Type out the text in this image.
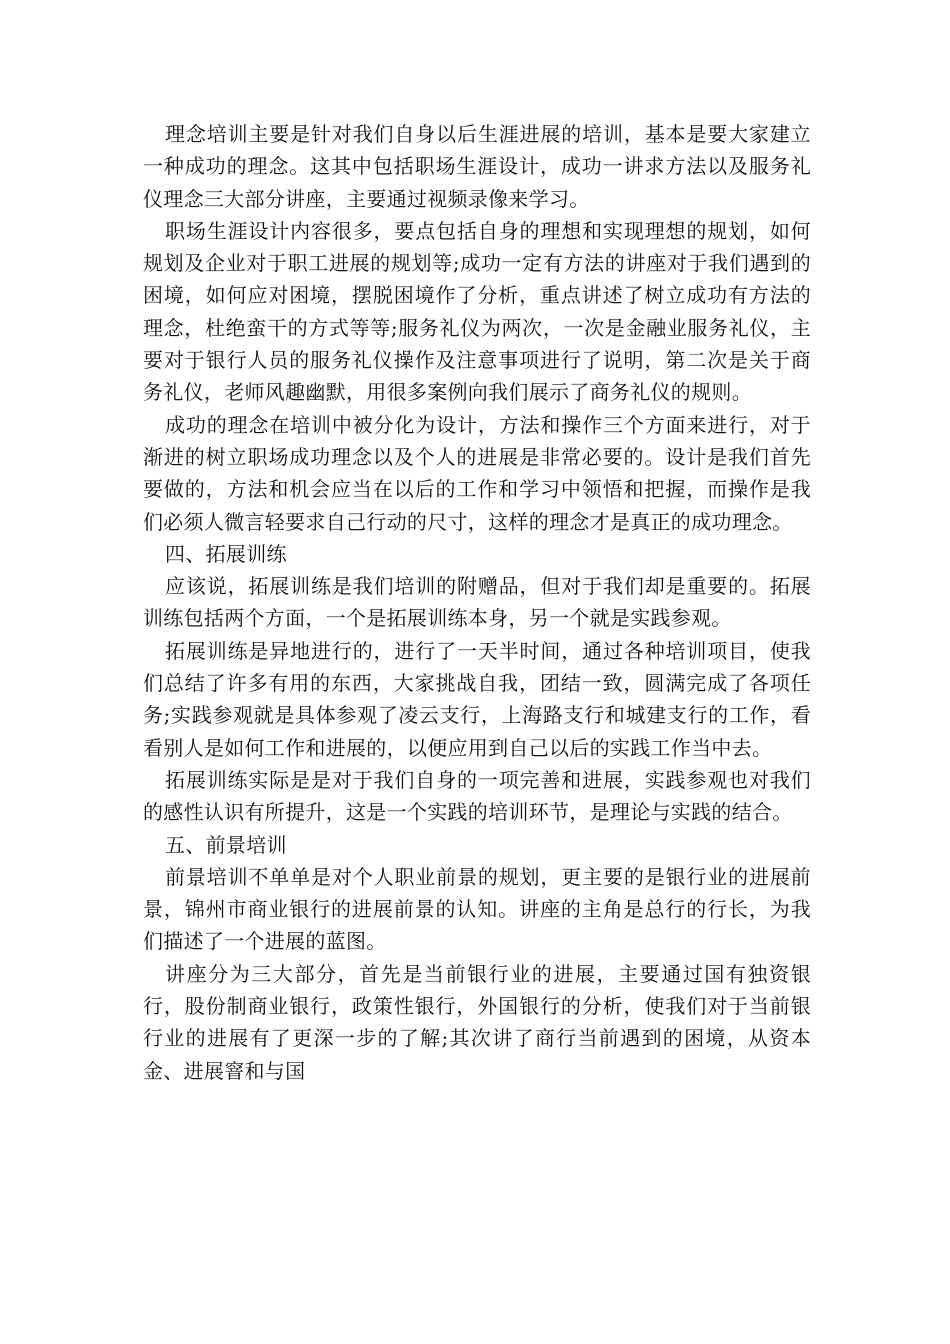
理念培训主要是针对我们自身以后生涯进展的培训，基本是要大家建立一种成功的理念。这其中包括职场生涯设计，成功一讲求方法以及服务礼仪理念三大部分讲座，主要通过视频录像来学习。

职场生涯设计内容很多，要点包括自身的理想和实现理想的规划，如何规划及企业对于职工进展的规划等;成功一定有方法的讲座对于我们遇到的困境，如何应对困境，摆脱困境作了分析，重点讲述了树立成功有方法的理念，杜绝蛮干的方式等等;服务礼仪为两次，一次是金融业服务礼仪，主要对于银行人员的服务礼仪操作及注意事项进行了说明，第二次是关于商务礼仪，老师风趣幽默，用很多案例向我们展示了商务礼仪的规则。

成功的理念在培训中被分化为设计，方法和操作三个方面来进行，对于渐进的树立职场成功理念以及个人的进展是非常必要的。设计是我们首先要做的，方法和机会应当在以后的工作和学习中领悟和把握，而操作是我们必须人微言轻要求自己行动的尺寸，这样的理念才是真正的成功理念。

四、拓展训练

应该说，拓展训练是我们培训的附赠品，但对于我们却是重要的。拓展训练包括两个方面，一个是拓展训练本身，另一个就是实践参观。

拓展训练是异地进行的，进行了一天半时间，通过各种培训项目，使我们总结了许多有用的东西，大家挑战自我，团结一致，圆满完成了各项任务;实践参观就是具体参观了凌云支行，上海路支行和城建支行的工作，看看别人是如何工作和进展的，以便应用到自己以后的实践工作当中去。

拓展训练实际是是对于我们自身的一项完善和进展，实践参观也对我们的感性认识有所提升，这是一个实践的培训环节，是理论与实践的结合。

五、前景培训

前景培训不单单是对个人职业前景的规划，更主要的是银行业的进展前景，锦州市商业银行的进展前景的认知。讲座的主角是总行的行长，为我们描述了一个进展的蓝图。

讲座分为三大部分，首先是当前银行业的进展，主要通过国有独资银行，股份制商业银行，政策性银行，外国银行的分析，使我们对于当前银行业的进展有了更深一步的了解;其次讲了商行当前遇到的困境，从资本金、进展窨和与国
